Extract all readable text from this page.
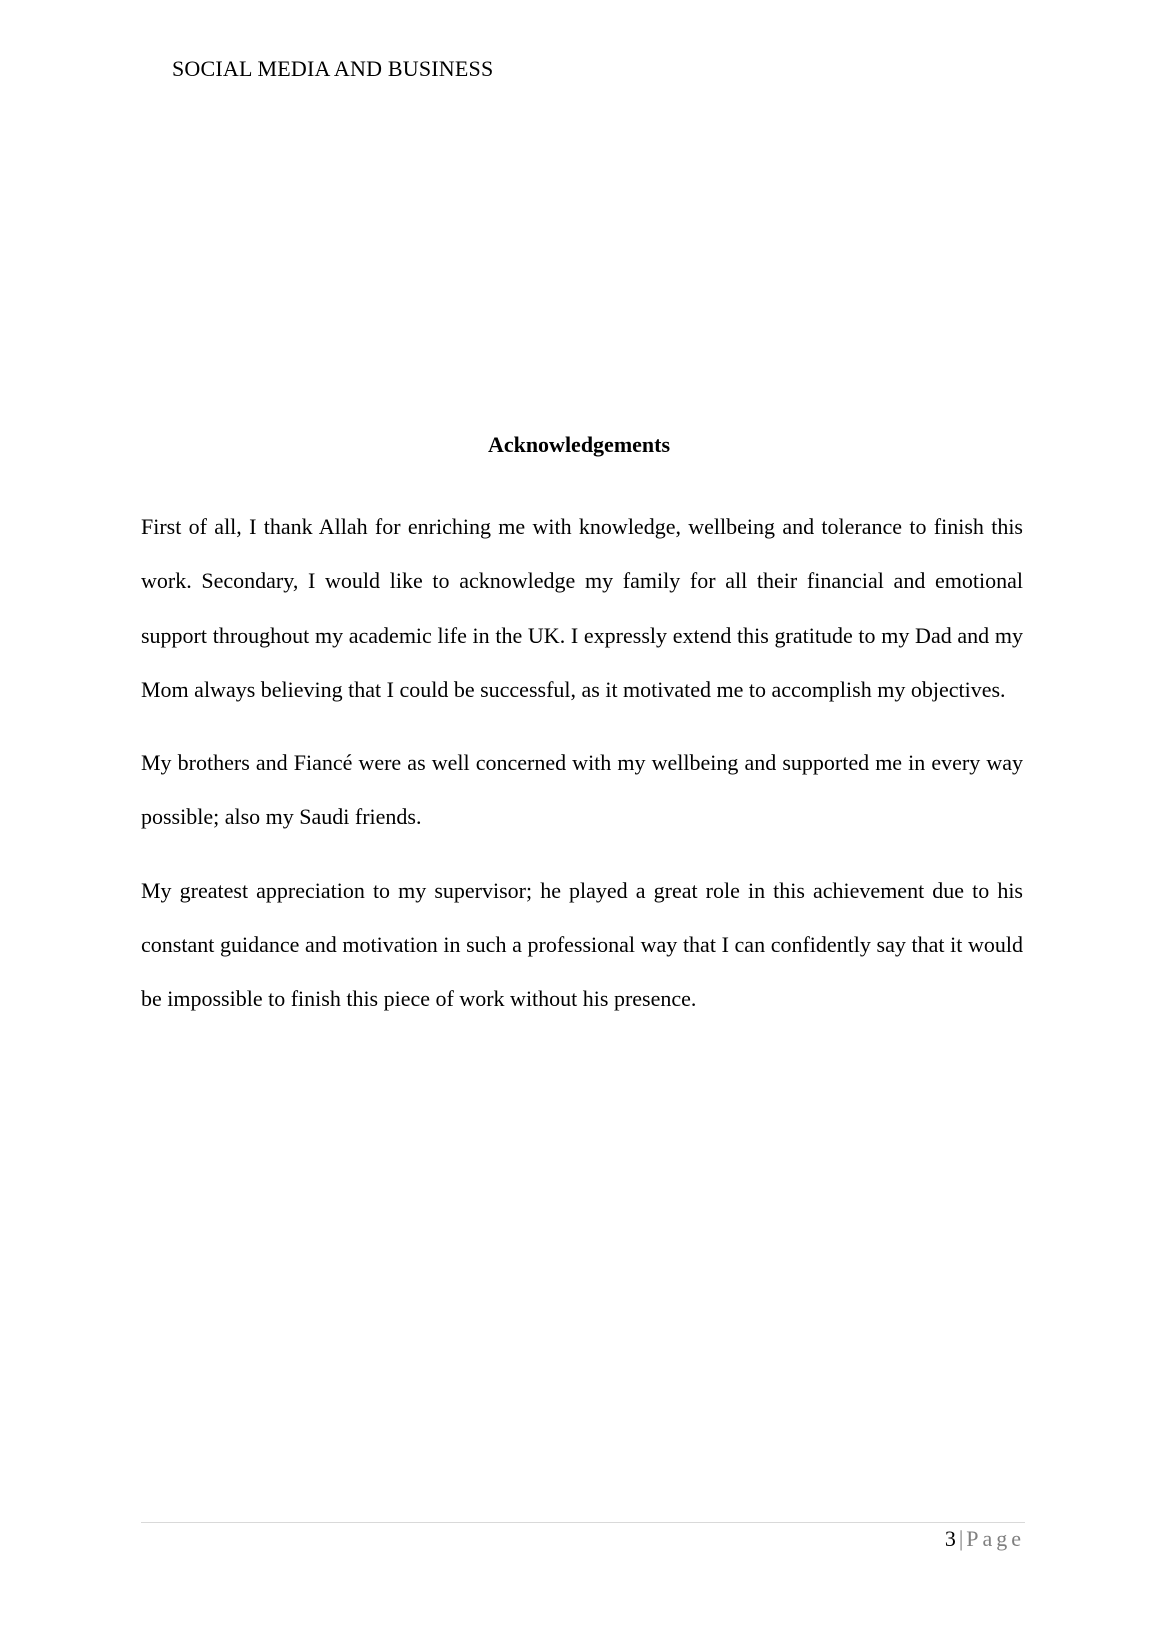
SOCIAL MEDIA AND BUSINESS
Acknowledgements

First of all, I thank Allah for enriching me with knowledge, wellbeing and tolerance to finish this work. Secondary, I would like to acknowledge my family for all their financial and emotional support throughout my academic life in the UK. I expressly extend this gratitude to my Dad and my Mom always believing that I could be successful, as it motivated me to accomplish my objectives.

My brothers and Fiancé were as well concerned with my wellbeing and supported me in every way possible; also my Saudi friends.

My greatest appreciation to my supervisor; he played a great role in this achievement due to his constant guidance and motivation in such a professional way that I can confidently say that it would be impossible to finish this piece of work without his presence.

3 | Page
